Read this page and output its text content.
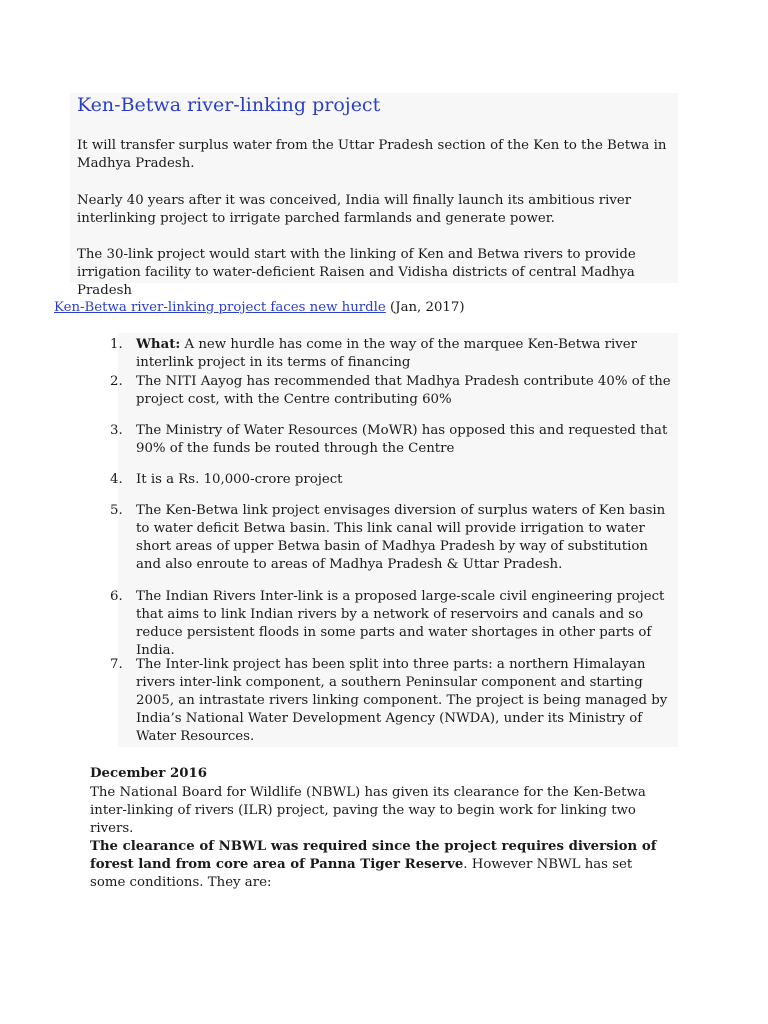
Ken-Betwa river-linking project

It will transfer surplus water from the Uttar Pradesh section of the Ken to the Betwa in Madhya Pradesh.

Nearly 40 years after it was conceived, India will finally launch its ambitious river interlinking project to irrigate parched farmlands and generate power.

The 30-link project would start with the linking of Ken and Betwa rivers to provide irrigation facility to water-deficient Raisen and Vidisha districts of central Madhya Pradesh

Ken-Betwa river-linking project faces new hurdle (Jan, 2017)
1. What: A new hurdle has come in the way of the marquee Ken-Betwa river interlink project in its terms of financing
2. The NITI Aayog has recommended that Madhya Pradesh contribute 40% of the project cost, with the Centre contributing 60%
3. The Ministry of Water Resources (MoWR) has opposed this and requested that 90% of the funds be routed through the Centre
4. It is a Rs. 10,000-crore project
5. The Ken-Betwa link project envisages diversion of surplus waters of Ken basin to water deficit Betwa basin. This link canal will provide irrigation to water short areas of upper Betwa basin of Madhya Pradesh by way of substitution and also enroute to areas of Madhya Pradesh & Uttar Pradesh.
6. The Indian Rivers Inter-link is a proposed large-scale civil engineering project that aims to link Indian rivers by a network of reservoirs and canals and so reduce persistent floods in some parts and water shortages in other parts of India.
7. The Inter-link project has been split into three parts: a northern Himalayan rivers inter-link component, a southern Peninsular component and starting 2005, an intrastate rivers linking component. The project is being managed by India’s National Water Development Agency (NWDA), under its Ministry of Water Resources.
December 2016

The National Board for Wildlife (NBWL) has given its clearance for the Ken-Betwa inter-linking of rivers (ILR) project, paving the way to begin work for linking two rivers.

The clearance of NBWL was required since the project requires diversion of forest land from core area of Panna Tiger Reserve. However NBWL has set some conditions. They are:
